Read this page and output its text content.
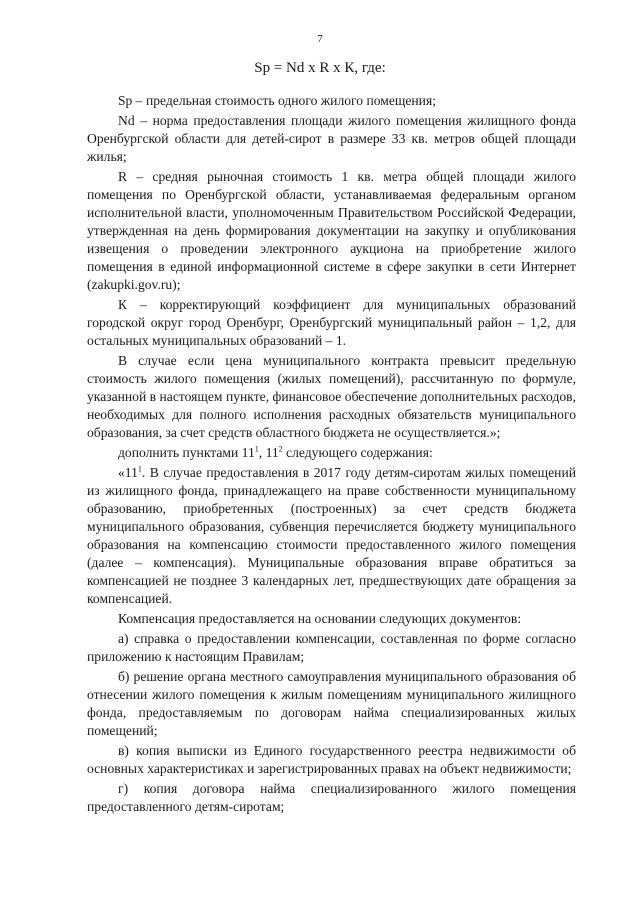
7
Sp = Nd x R x К, где:

Sp – предельная стоимость одного жилого помещения;

Nd – норма предоставления площади жилого помещения жилищного фонда Оренбургской области для детей-сирот в размере 33 кв. метров общей площади жилья;

R – средняя рыночная стоимость 1 кв. метра общей площади жилого помещения по Оренбургской области, устанавливаемая федеральным органом исполнительной власти, уполномоченным Правительством Российской Федерации, утвержденная на день формирования документации на закупку и опубликования извещения о проведении электронного аукциона на приобретение жилого помещения в единой информационной системе в сфере закупки в сети Интернет (zakupki.gov.ru);

К – корректирующий коэффициент для муниципальных образований городской округ город Оренбург, Оренбургский муниципальный район – 1,2, для остальных муниципальных образований – 1.

В случае если цена муниципального контракта превысит предельную стоимость жилого помещения (жилых помещений), рассчитанную по формуле, указанной в настоящем пункте, финансовое обеспечение дополнительных расходов, необходимых для полного исполнения расходных обязательств муниципального образования, за счет средств областного бюджета не осуществляется.»;

дополнить пунктами $11^1$, $11^2$ следующего содержания:

«$11^1$. В случае предоставления в 2017 году детям-сиротам жилых помещений из жилищного фонда, принадлежащего на праве собственности муниципальному образованию, приобретенных (построенных) за счет средств бюджета муниципального образования, субвенция перечисляется бюджету муниципального образования на компенсацию стоимости предоставленного жилого помещения (далее – компенсация). Муниципальные образования вправе обратиться за компенсацией не позднее 3 календарных лет, предшествующих дате обращения за компенсацией.

Компенсация предоставляется на основании следующих документов:

а) справка о предоставлении компенсации, составленная по форме согласно приложению к настоящим Правилам;

б) решение органа местного самоуправления муниципального образования об отнесении жилого помещения к жилым помещениям муниципального жилищного фонда, предоставляемым по договорам найма специализированных жилых помещений;

в) копия выписки из Единого государственного реестра недвижимости об основных характеристиках и зарегистрированных правах на объект недвижимости;

г) копия договора найма специализированного жилого помещения предоставленного детям-сиротам;
